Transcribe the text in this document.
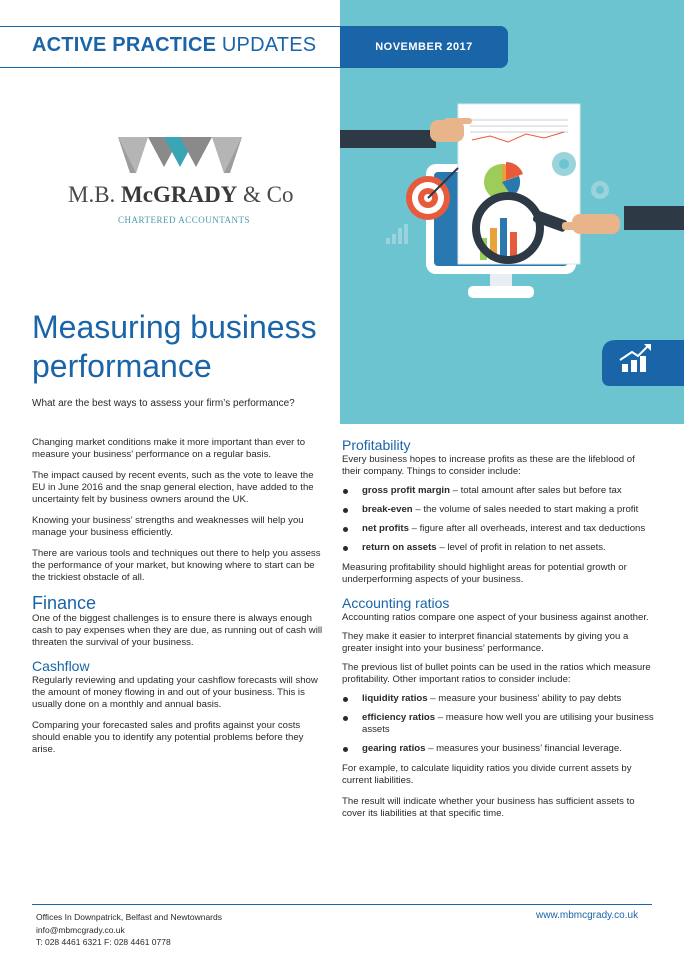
ACTIVE PRACTICE UPDATES	NOVEMBER 2017
M.B. McGRADY & Co
CHARTERED ACCOUNTANTS
Measuring business performance
What are the best ways to assess your firm’s performance?

Changing market conditions make it more important than ever to measure your business’ performance on a regular basis.

The impact caused by recent events, such as the vote to leave the EU in June 2016 and the snap general election, have added to the uncertainty felt by business owners around the UK.

Knowing your business’ strengths and weaknesses will help you manage your business efficiently.

There are various tools and techniques out there to help you assess the performance of your market, but knowing where to start can be the trickiest obstacle of all.

Finance

One of the biggest challenges is to ensure there is always enough cash to pay expenses when they are due, as running out of cash will threaten the survival of your business.

Cashflow

Regularly reviewing and updating your cashflow forecasts will show the amount of money flowing in and out of your business. This is usually done on a monthly and annual basis.

Comparing your forecasted sales and profits against your costs should enable you to identify any potential problems before they arise.

Profitability

Every business hopes to increase profits as these are the lifeblood of their company. Things to consider include:

gross profit margin – total amount after sales but before tax
break-even – the volume of sales needed to start making a profit
net profits – figure after all overheads, interest and tax deductions
return on assets – level of profit in relation to net assets.

Measuring profitability should highlight areas for potential growth or underperforming aspects of your business.

Accounting ratios

Accounting ratios compare one aspect of your business against another.

They make it easier to interpret financial statements by giving you a greater insight into your business’ performance.

The previous list of bullet points can be used in the ratios which measure profitability. Other important ratios to consider include:

liquidity ratios – measure your business’ ability to pay debts
efficiency ratios – measure how well you are utilising your business assets
gearing ratios – measures your business’ financial leverage.

For example, to calculate liquidity ratios you divide current assets by current liabilities.

The result will indicate whether your business has sufficient assets to cover its liabilities at that specific time.

Offices In Downpatrick, Belfast and Newtownards
info@mbmcgrady.co.uk
T: 028 4461 6321 F: 028 4461 0778
www.mbmcgrady.co.uk
